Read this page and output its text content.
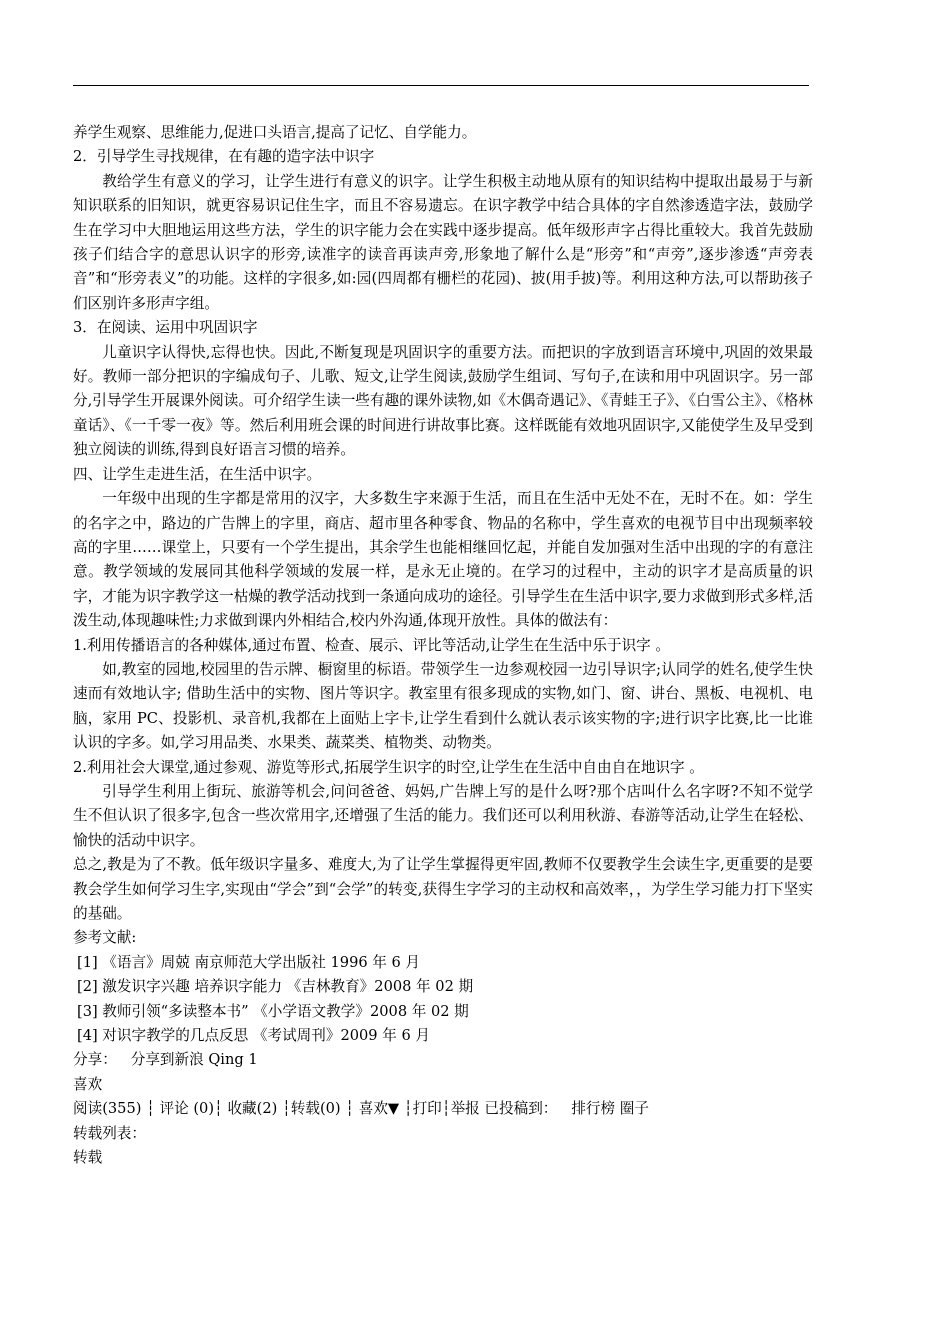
养学生观察、思维能力,促进口头语言,提高了记忆、自学能力。

2．引导学生寻找规律，在有趣的造字法中识字

教给学生有意义的学习，让学生进行有意义的识字。让学生积极主动地从原有的知识结构中提取出最易于与新知识联系的旧知识，就更容易识记住生字，而且不容易遗忘。在识字教学中结合具体的字自然渗透造字法，鼓励学生在学习中大胆地运用这些方法，学生的识字能力会在实践中逐步提高。低年级形声字占得比重较大。我首先鼓励孩子们结合字的意思认识字的形旁,读准字的读音再读声旁,形象地了解什么是“形旁”和“声旁”,逐步渗透“声旁表音”和“形旁表义”的功能。这样的字很多,如:园(四周都有栅栏的花园)、披(用手披)等。利用这种方法,可以帮助孩子们区别许多形声字组。

3．在阅读、运用中巩固识字

儿童识字认得快,忘得也快。因此,不断复现是巩固识字的重要方法。而把识的字放到语言环境中,巩固的效果最好。教师一部分把识的字编成句子、儿歌、短文,让学生阅读,鼓励学生组词、写句子,在读和用中巩固识字。另一部分,引导学生开展课外阅读。可介绍学生读一些有趣的课外读物,如《木偶奇遇记》、《青蛙王子》、《白雪公主》、《格林童话》、《一千零一夜》等。然后利用班会课的时间进行讲故事比赛。这样既能有效地巩固识字,又能使学生及早受到独立阅读的训练,得到良好语言习惯的培养。

四、让学生走进生活，在生活中识字。

一年级中出现的生字都是常用的汉字，大多数生字来源于生活，而且在生活中无处不在，无时不在。如：学生的名字之中，路边的广告牌上的字里，商店、超市里各种零食、物品的名称中，学生喜欢的电视节目中出现频率较高的字里……课堂上，只要有一个学生提出，其余学生也能相继回忆起，并能自发加强对生活中出现的字的有意注意。教学领域的发展同其他科学领域的发展一样，是永无止境的。在学习的过程中，主动的识字才是高质量的识字，才能为识字教学这一枯燥的教学活动找到一条通向成功的途径。引导学生在生活中识字,要力求做到形式多样,活泼生动,体现趣味性;力求做到课内外相结合,校内外沟通,体现开放性。具体的做法有：

1.利用传播语言的各种媒体,通过布置、检查、展示、评比等活动,让学生在生活中乐于识字 。

如,教室的园地,校园里的告示牌、橱窗里的标语。带领学生一边参观校园一边引导识字;认同学的姓名,使学生快速而有效地认字; 借助生活中的实物、图片等识字。教室里有很多现成的实物,如门、窗、讲台、黑板、电视机、电脑，家用 PC、投影机、录音机,我都在上面贴上字卡,让学生看到什么就认表示该实物的字;进行识字比赛,比一比谁认识的字多。如,学习用品类、水果类、蔬菜类、植物类、动物类。

2.利用社会大课堂,通过参观、游览等形式,拓展学生识字的时空,让学生在生活中自由自在地识字 。

引导学生利用上街玩、旅游等机会,问问爸爸、妈妈,广告牌上写的是什么呀?那个店叫什么名字呀?不知不觉学生不但认识了很多字,包含一些次常用字,还增强了生活的能力。我们还可以利用秋游、春游等活动,让学生在轻松、愉快的活动中识字。

总之,教是为了不教。低年级识字量多、难度大,为了让学生掌握得更牢固,教师不仅要教学生会读生字,更重要的是要教会学生如何学习生字,实现由“学会”到“会学”的转变,获得生字学习的主动权和高效率，，为学生学习能力打下坚实的基础。

参考文献:

[1] 《语言》周兢 南京师范大学出版社 1996 年 6 月

[2] 激发识字兴趣 培养识字能力 《吉林教育》2008 年 02 期

[3] 教师引领“多读整本书” 《小学语文教学》2008 年 02 期

[4] 对识字教学的几点反思 《考试周刊》2009 年 6 月

分享： 分享到新浪 Qing 1

喜欢

阅读(355) ┆ 评论 (0)┆ 收藏(2) ┆转载(0) ┆ 喜欢▼ ┆打印┆举报 已投稿到： 排行榜 圈子

转载列表：

转载
